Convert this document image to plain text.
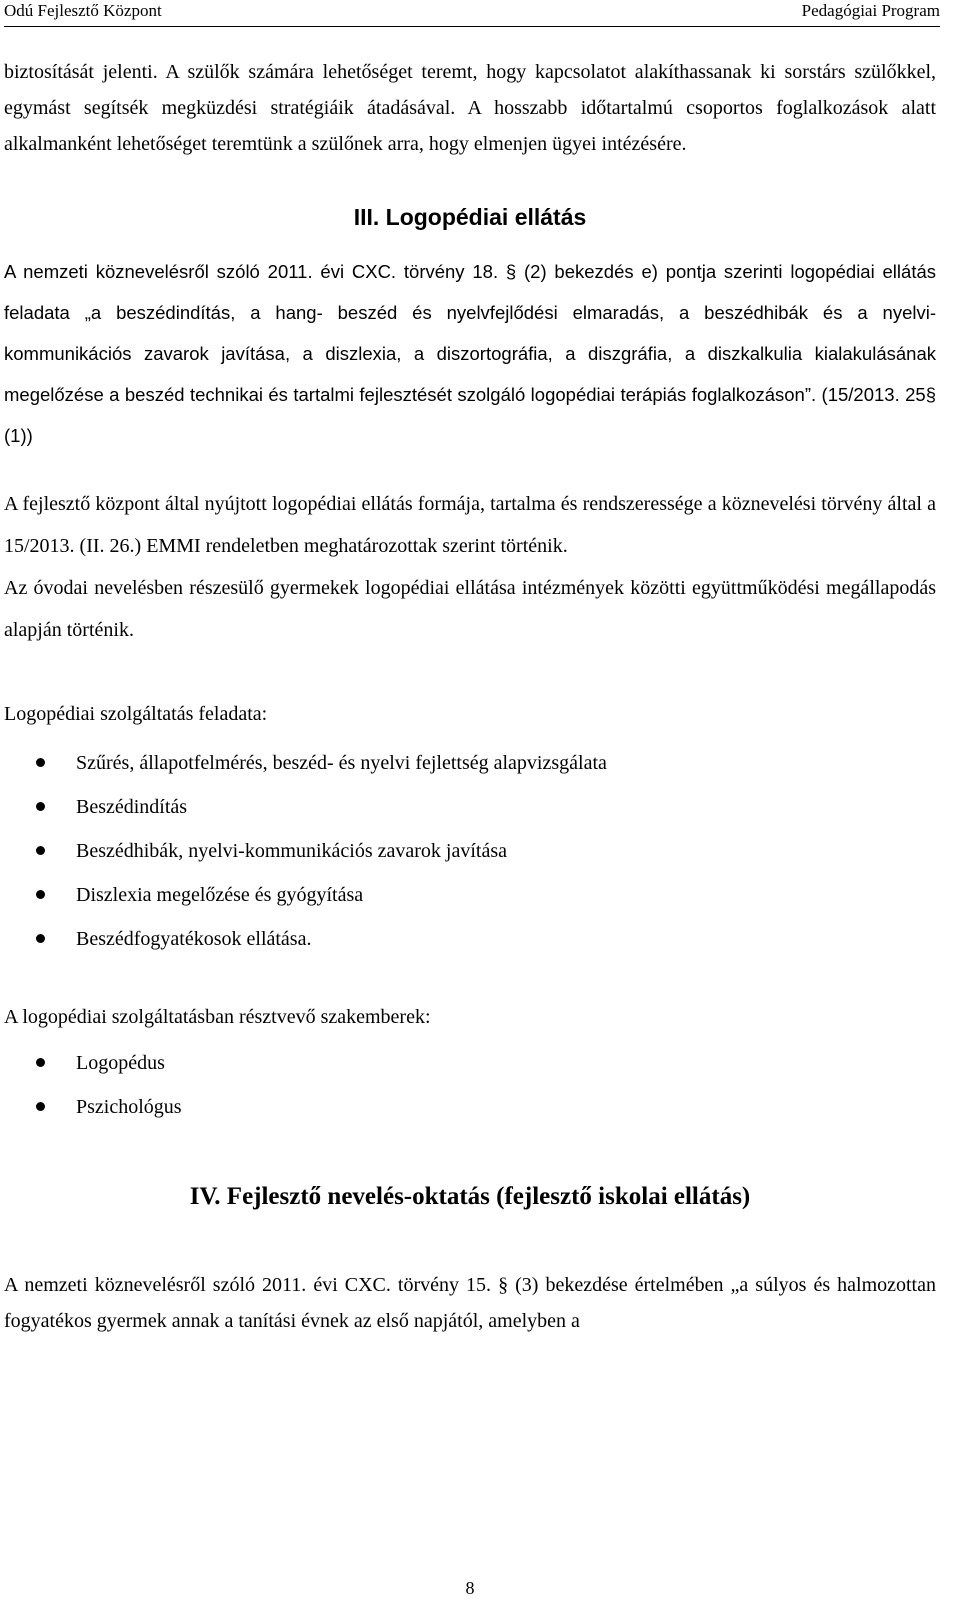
Odú Fejlesztő Központ	Pedagógiai Program

biztosítását jelenti. A szülők számára lehetőséget teremt, hogy kapcsolatot alakíthassanak ki sorstárs szülőkkel, egymást segítsék megküzdési stratégiáik átadásával. A hosszabb időtartalmú csoportos foglalkozások alatt alkalmanként lehetőséget teremtünk a szülőnek arra, hogy elmenjen ügyei intézésére.

III. Logopédiai ellátás

A nemzeti köznevelésről szóló 2011. évi CXC. törvény 18. § (2) bekezdés e) pontja szerinti logopédiai ellátás feladata „a beszédindítás, a hang- beszéd és nyelvfejlődési elmaradás, a beszédhibák és a nyelvi-kommunikációs zavarok javítása, a diszlexia, a diszortográfia, a diszgráfia, a diszkalkulia kialakulásának megelőzése a beszéd technikai és tartalmi fejlesztését szolgáló logopédiai terápiás foglalkozáson”. (15/2013. 25§ (1))

A fejlesztő központ által nyújtott logopédiai ellátás formája, tartalma és rendszeressége a köznevelési törvény által a 15/2013. (II. 26.) EMMI rendeletben meghatározottak szerint történik.

Az óvodai nevelésben részesülő gyermekek logopédiai ellátása intézmények közötti együttműködési megállapodás alapján történik.

Logopédiai szolgáltatás feladata:

Szűrés, állapotfelmérés, beszéd- és nyelvi fejlettség alapvizsgálata
Beszédindítás
Beszédhibák, nyelvi-kommunikációs zavarok javítása
Diszlexia megelőzése és gyógyítása
Beszédfogyatékosok ellátása.

A logopédiai szolgáltatásban résztvevő szakemberek:

Logopédus
Pszichológus
IV. Fejlesztő nevelés-oktatás (fejlesztő iskolai ellátás)

A nemzeti köznevelésről szóló 2011. évi CXC. törvény 15. § (3) bekezdése értelmében „a súlyos és halmozottan fogyatékos gyermek annak a tanítási évnek az első napjától, amelyben a

8
